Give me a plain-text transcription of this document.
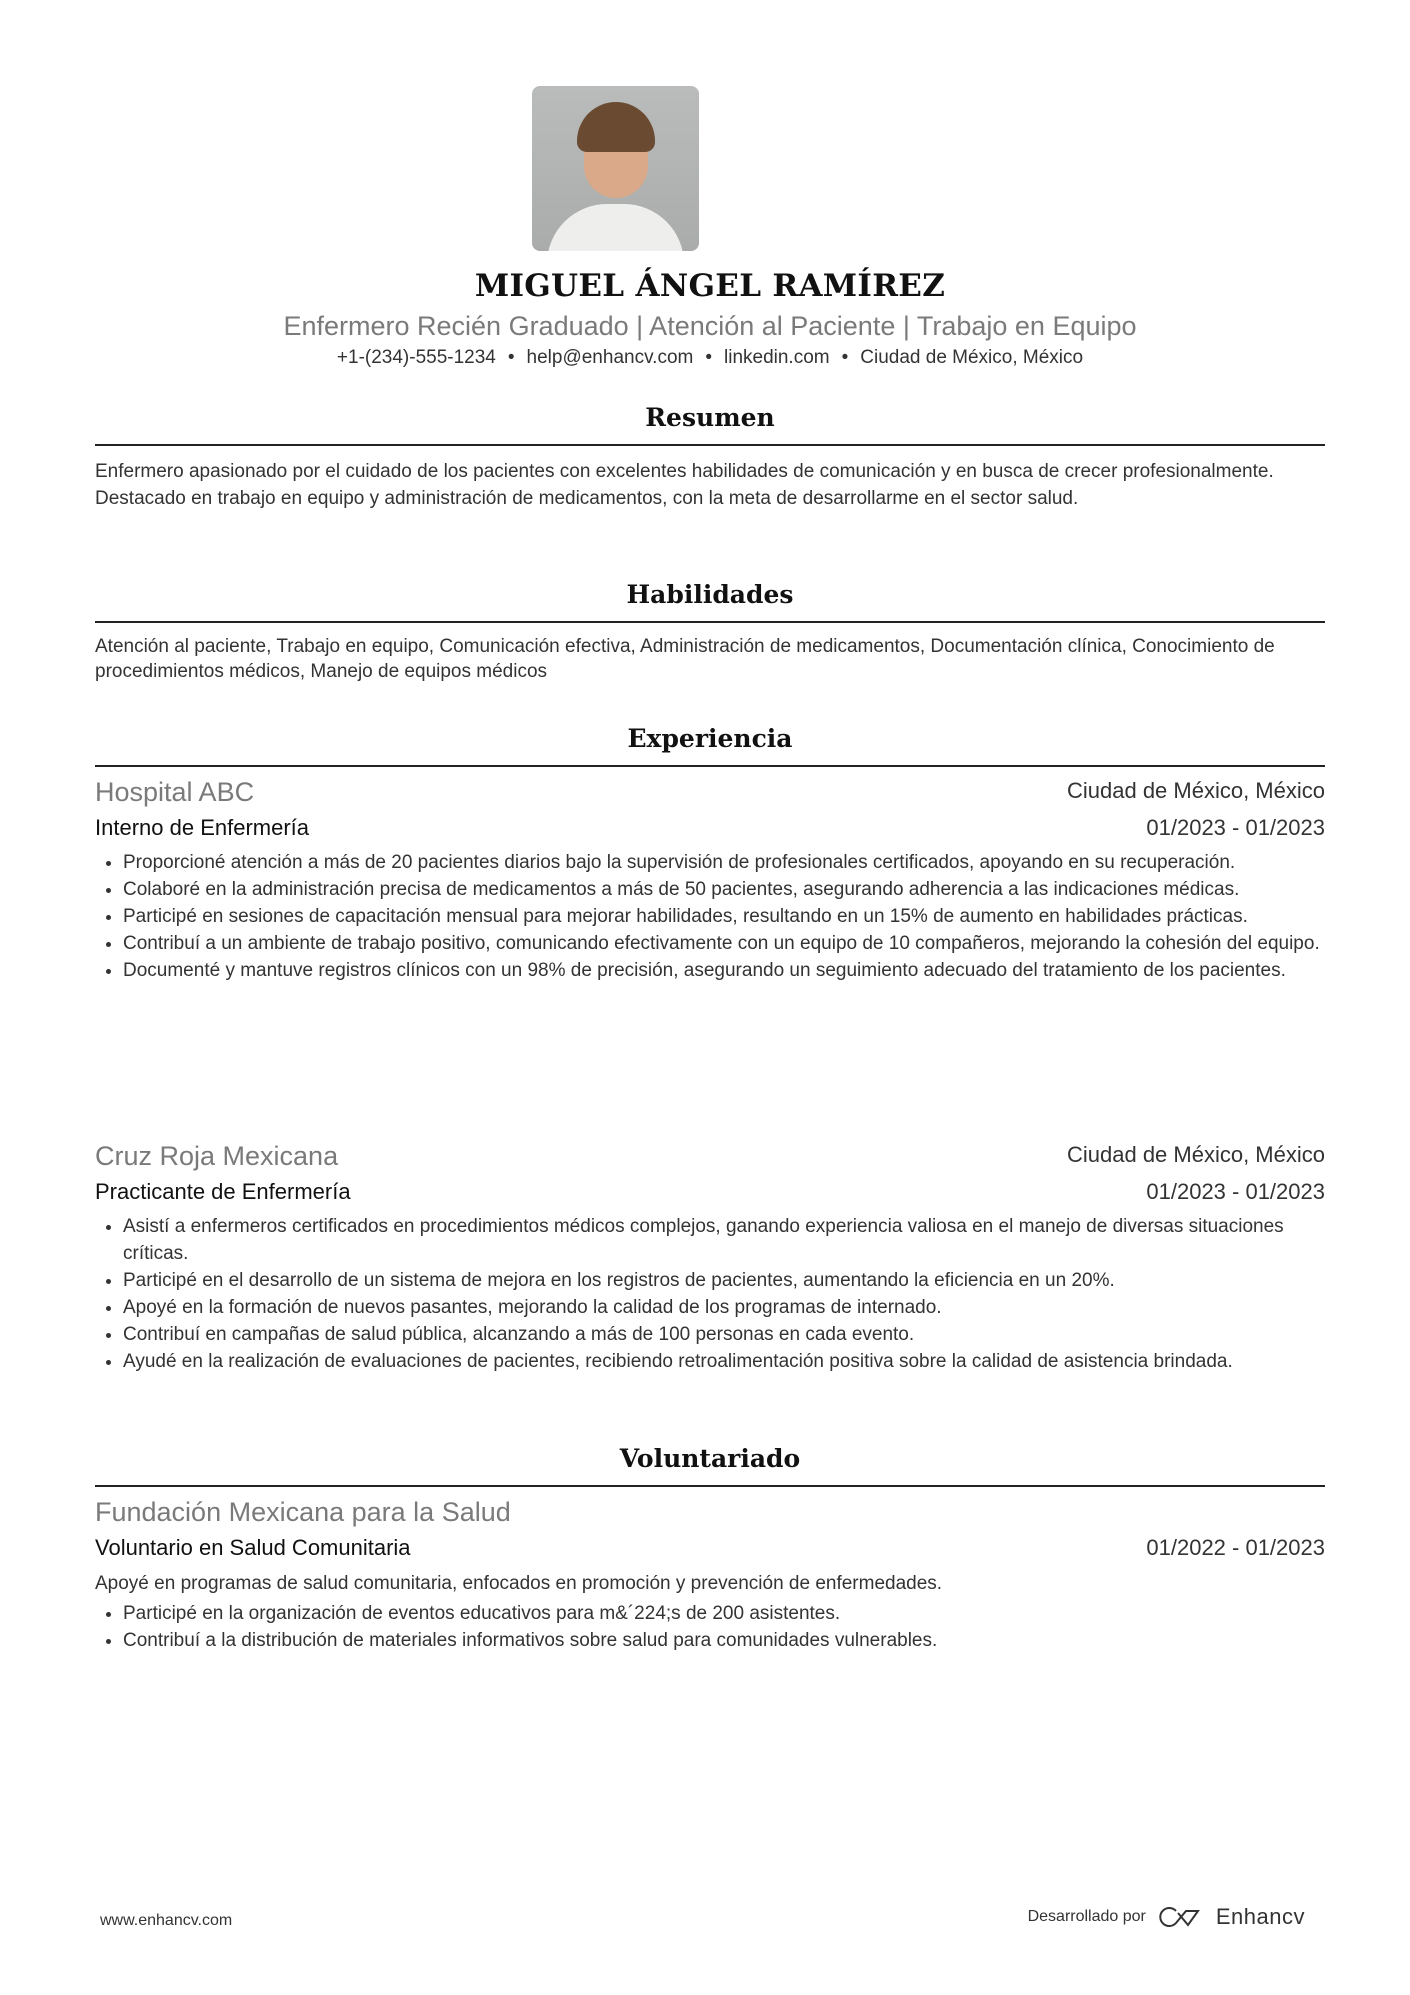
MIGUEL ÁNGEL RAMÍREZ
Enfermero Recién Graduado | Atención al Paciente | Trabajo en Equipo
+1-(234)-555-1234 • help@enhancv.com • linkedin.com • Ciudad de México, México
Resumen
Enfermero apasionado por el cuidado de los pacientes con excelentes habilidades de comunicación y en busca de crecer profesionalmente. Destacado en trabajo en equipo y administración de medicamentos, con la meta de desarrollarme en el sector salud.
Habilidades
Atención al paciente, Trabajo en equipo, Comunicación efectiva, Administración de medicamentos, Documentación clínica, Conocimiento de procedimientos médicos, Manejo de equipos médicos
Experiencia
Hospital ABC	Ciudad de México, México
Interno de Enfermería	01/2023 - 01/2023
• Proporcioné atención a más de 20 pacientes diarios bajo la supervisión de profesionales certificados, apoyando en su recuperación.
• Colaboré en la administración precisa de medicamentos a más de 50 pacientes, asegurando adherencia a las indicaciones médicas.
• Participé en sesiones de capacitación mensual para mejorar habilidades, resultando en un 15% de aumento en habilidades prácticas.
• Contribuí a un ambiente de trabajo positivo, comunicando efectivamente con un equipo de 10 compañeros, mejorando la cohesión del equipo.
• Documenté y mantuve registros clínicos con un 98% de precisión, asegurando un seguimiento adecuado del tratamiento de los pacientes.
Cruz Roja Mexicana	Ciudad de México, México
Practicante de Enfermería	01/2023 - 01/2023
• Asistí a enfermeros certificados en procedimientos médicos complejos, ganando experiencia valiosa en el manejo de diversas situaciones críticas.
• Participé en el desarrollo de un sistema de mejora en los registros de pacientes, aumentando la eficiencia en un 20%.
• Apoyé en la formación de nuevos pasantes, mejorando la calidad de los programas de internado.
• Contribuí en campañas de salud pública, alcanzando a más de 100 personas en cada evento.
• Ayudé en la realización de evaluaciones de pacientes, recibiendo retroalimentación positiva sobre la calidad de asistencia brindada.
Voluntariado
Fundación Mexicana para la Salud
Voluntario en Salud Comunitaria	01/2022 - 01/2023
Apoyé en programas de salud comunitaria, enfocados en promoción y prevención de enfermedades.
• Participé en la organización de eventos educativos para m&´224;s de 200 asistentes.
• Contribuí a la distribución de materiales informativos sobre salud para comunidades vulnerables.
www.enhancv.com	Desarrollado por	Enhancv
